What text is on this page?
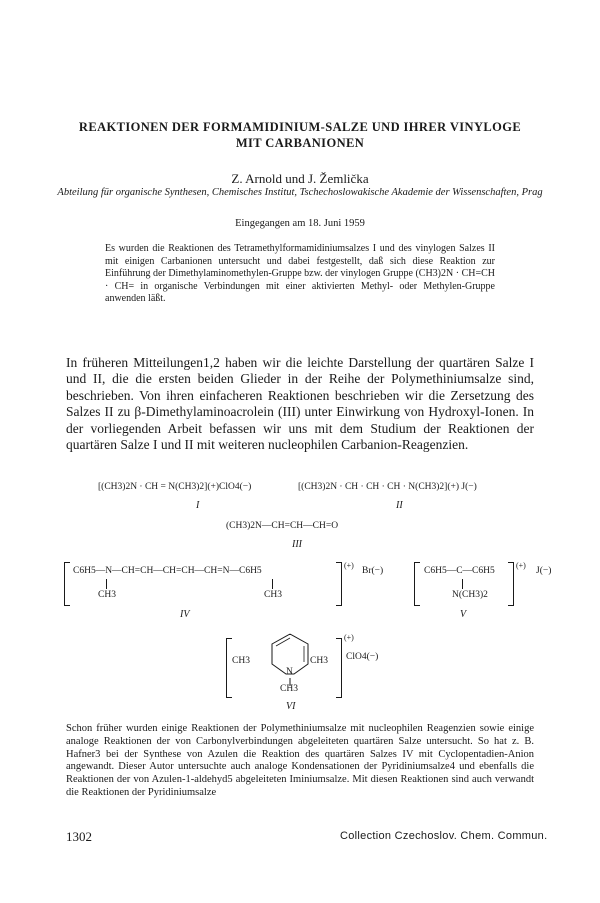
REAKTIONEN DER FORMAMIDINIUM-SALZE UND IHRER VINYLOGE
MIT CARBANIONEN
Z. Arnold und J. Žemlička
Abteilung für organische Synthesen, Chemisches Institut, Tschechoslowakische Akademie der Wissenschaften, Prag
Eingegangen am 18. Juni 1959

Es wurden die Reaktionen des Tetramethylformamidiniumsalzes I und des vinylogen Salzes II mit einigen Carbanionen untersucht und dabei festgestellt, daß sich diese Reaktion zur Einführung der Dimethylaminomethylen-Gruppe bzw. der vinylogen Gruppe (CH3)2N · CH=CH · CH= in organische Verbindungen mit einer aktivierten Methyl- oder Methylen-Gruppe anwenden läßt.

In früheren Mitteilungen1,2 haben wir die leichte Darstellung der quartären Salze I und II, die die ersten beiden Glieder in der Reihe der Polymethiniumsalze sind, beschrieben. Von ihren einfacheren Reaktionen beschrieben wir die Zersetzung des Salzes II zu β-Dimethylaminoacrolein (III) unter Einwirkung von Hydroxyl-Ionen. In der vorliegenden Arbeit befassen wir uns mit dem Studium der Reaktionen der quartären Salze I und II mit weiteren nucleophilen Carbanion-Reagenzien.

[(CH3)2N · CH = N(CH3)2](+)ClO4(−)	[(CH3)2N · CH · CH · CH · N(CH3)2](+) J(−)
I	II
(CH3)2N—CH=CH—CH=O
III
C6H5—N—CH=CH—CH=CH—CH=N—C6H5
CH3	CH3
(+)
Br(−)
IV
C6H5—C—C6H5
N(CH3)2
(+)
J(−)
V
CH3	CH3
N
CH3
(+)
ClO4(−)
VI

Schon früher wurden einige Reaktionen der Polymethiniumsalze mit nucleophilen Reagenzien sowie einige analoge Reaktionen der von Carbonylverbindungen abgeleiteten quartären Salze untersucht. So hat z. B. Hafner3 bei der Synthese von Azulen die Reaktion des quartären Salzes IV mit Cyclopentadien-Anion angewandt. Dieser Autor untersuchte auch analoge Kondensationen der Pyridiniumsalze4 und ebenfalls die Reaktionen der von Azulen-1-aldehyd5 abgeleiteten Iminiumsalze. Mit diesen Reaktionen sind auch verwandt die Reaktionen der Pyridiniumsalze

1302	Collection Czechoslov. Chem. Commun.
